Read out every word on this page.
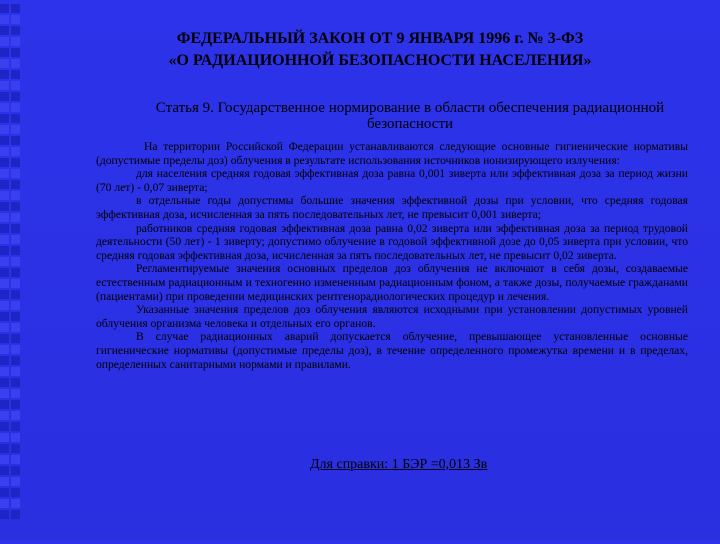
ФЕДЕРАЛЬНЫЙ ЗАКОН ОТ 9 ЯНВАРЯ 1996 г. № 3-ФЗ
«О РАДИАЦИОННОЙ БЕЗОПАСНОСТИ НАСЕЛЕНИЯ»
Статья 9. Государственное нормирование в области обеспечения радиационной безопасности

На территории Российской Федерации устанавливаются следующие основные гигиенические нормативы (допустимые пределы доз) облучения в результате использования источников ионизирующего излучения:

для населения средняя годовая эффективная доза равна 0,001 зиверта или эффективная доза за период жизни (70 лет) - 0,07 зиверта;

в отдельные годы допустимы большие значения эффективной дозы при условии, что средняя годовая эффективная доза, исчисленная за пять последовательных лет, не превысит 0,001 зиверта;

работников средняя годовая эффективная доза равна 0,02 зиверта или эффективная доза за период трудовой деятельности (50 лет) - 1 зиверту; допустимо облучение в годовой эффективной дозе до 0,05 зиверта при условии, что средняя годовая эффективная доза, исчисленная за пять последовательных лет, не превысит 0,02 зиверта.

Регламентируемые значения основных пределов доз облучения не включают в себя дозы, создаваемые естественным радиационным и техногенно измененным радиационным фоном, а также дозы, получаемые гражданами (пациентами) при проведении медицинских рентгенорадиологических процедур и лечения.

Указанные значения пределов доз облучения являются исходными при установлении допустимых уровней облучения организма человека и отдельных его органов.

В случае радиационных аварий допускается облучение, превышающее установленные основные гигиенические нормативы (допустимые пределы доз), в течение определенного промежутка времени и в пределах, определенных санитарными нормами и правилами.

Для справки: 1 БЭР =0,013 Зв
